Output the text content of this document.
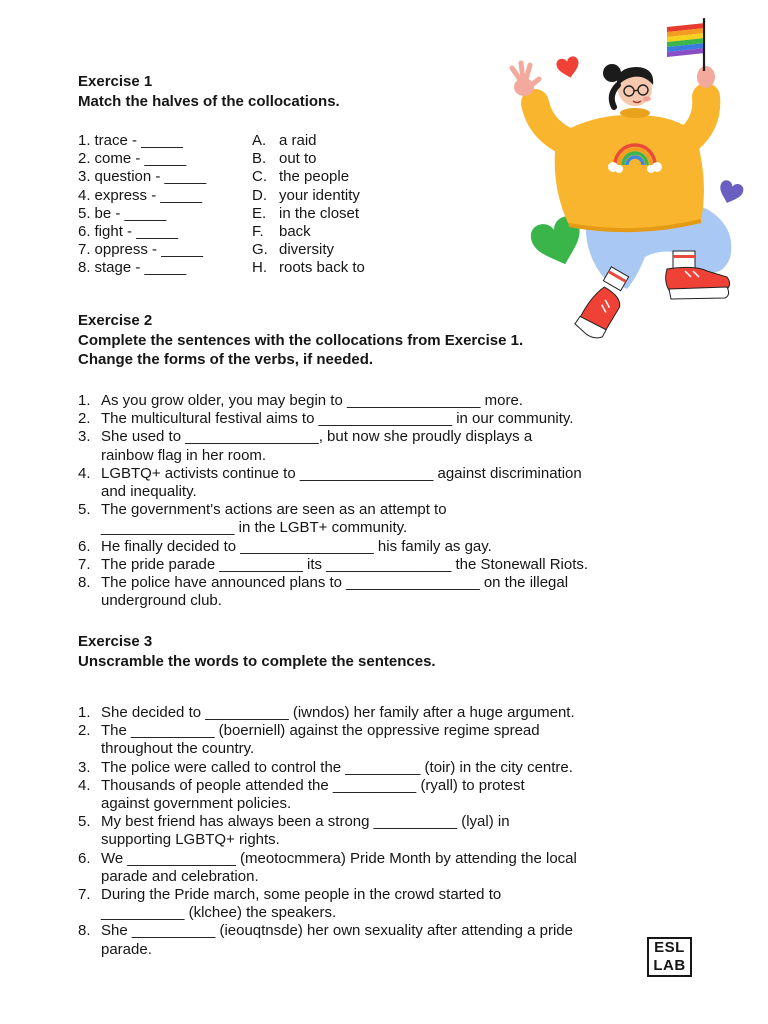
Exercise 1
Match the halves of the collocations.
1. trace - _____
2. come - _____
3. question - _____
4. express - _____
5. be - _____
6. fight - _____
7. oppress - _____
8. stage - _____
A. a raid
B. out to
C. the people
D. your identity
E. in the closet
F. back
G. diversity
H. roots back to
Exercise 2
Complete the sentences with the collocations from Exercise 1.
Change the forms of the verbs, if needed.
1. As you grow older, you may begin to ________________ more.
2. The multicultural festival aims to ________________ in our community.
3. She used to ________________, but now she proudly displays a
rainbow flag in her room.
4. LGBTQ+ activists continue to ________________ against discrimination
and inequality.
5. The government's actions are seen as an attempt to
________________ in the LGBT+ community.
6. He finally decided to ________________ his family as gay.
7. The pride parade __________ its _______________ the Stonewall Riots.
8. The police have announced plans to ________________ on the illegal
underground club.
Exercise 3
Unscramble the words to complete the sentences.
1. She decided to __________ (iwndos) her family after a huge argument.
2. The __________ (boerniell) against the oppressive regime spread
throughout the country.
3. The police were called to control the _________ (toir) in the city centre.
4. Thousands of people attended the __________ (ryall) to protest
against government policies.
5. My best friend has always been a strong __________ (lyal) in
supporting LGBTQ+ rights.
6. We _____________ (meotocmmera) Pride Month by attending the local
parade and celebration.
7. During the Pride march, some people in the crowd started to
__________ (klchee) the speakers.
8. She __________ (ieouqtnsde) her own sexuality after attending a pride
parade.	ESL
LAB
